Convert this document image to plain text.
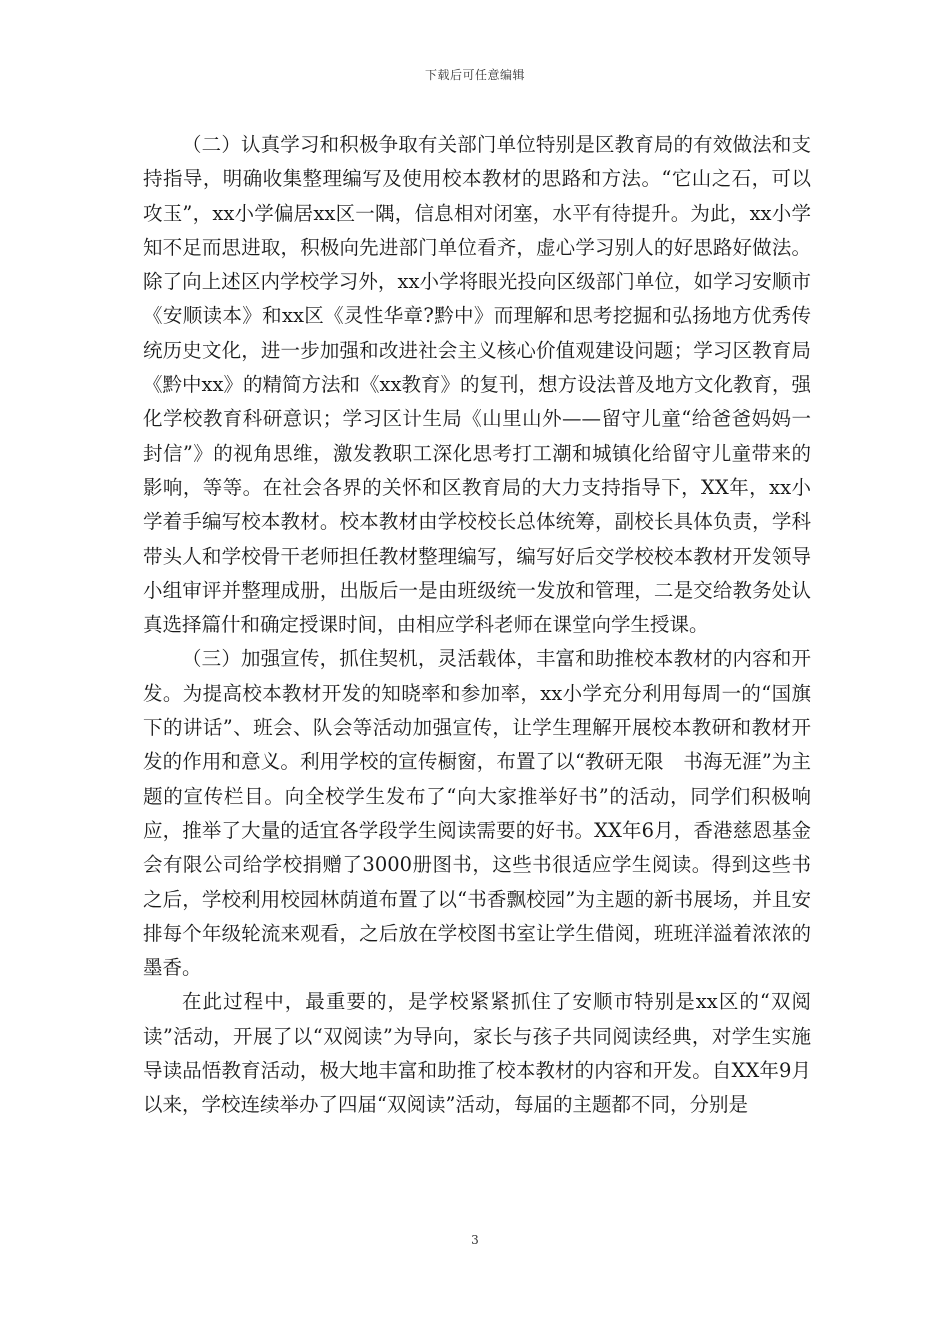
下载后可任意编辑

（二）认真学习和积极争取有关部门单位特别是区教育局的有效做法和支持指导，明确收集整理编写及使用校本教材的思路和方法。“它山之石，可以攻玉”，xx小学偏居xx区一隅，信息相对闭塞，水平有待提升。为此，xx小学知不足而思进取，积极向先进部门单位看齐，虚心学习别人的好思路好做法。除了向上述区内学校学习外，xx小学将眼光投向区级部门单位，如学习安顺市《安顺读本》和xx区《灵性华章?黔中》而理解和思考挖掘和弘扬地方优秀传统历史文化，进一步加强和改进社会主义核心价值观建设问题；学习区教育局《黔中xx》的精简方法和《xx教育》的复刊，想方设法普及地方文化教育，强化学校教育科研意识；学习区计生局《山里山外——留守儿童“给爸爸妈妈一封信”》的视角思维，激发教职工深化思考打工潮和城镇化给留守儿童带来的影响，等等。在社会各界的关怀和区教育局的大力支持指导下，XX年，xx小学着手编写校本教材。校本教材由学校校长总体统筹，副校长具体负责，学科带头人和学校骨干老师担任教材整理编写，编写好后交学校校本教材开发领导小组审评并整理成册，出版后一是由班级统一发放和管理，二是交给教务处认真选择篇什和确定授课时间，由相应学科老师在课堂向学生授课。

（三）加强宣传，抓住契机，灵活载体，丰富和助推校本教材的内容和开发。为提高校本教材开发的知晓率和参加率，xx小学充分利用每周一的“国旗下的讲话”、班会、队会等活动加强宣传，让学生理解开展校本教研和教材开发的作用和意义。利用学校的宣传橱窗，布置了以“教研无限　书海无涯”为主题的宣传栏目。向全校学生发布了“向大家推举好书”的活动，同学们积极响应，推举了大量的适宜各学段学生阅读需要的好书。XX年6月，香港慈恩基金会有限公司给学校捐赠了3000册图书，这些书很适应学生阅读。得到这些书之后，学校利用校园林荫道布置了以“书香飘校园”为主题的新书展场，并且安排每个年级轮流来观看，之后放在学校图书室让学生借阅，班班洋溢着浓浓的墨香。

在此过程中，最重要的，是学校紧紧抓住了安顺市特别是xx区的“双阅读”活动，开展了以“双阅读”为导向，家长与孩子共同阅读经典，对学生实施导读品悟教育活动，极大地丰富和助推了校本教材的内容和开发。自XX年9月以来，学校连续举办了四届“双阅读”活动，每届的主题都不同，分别是

3
